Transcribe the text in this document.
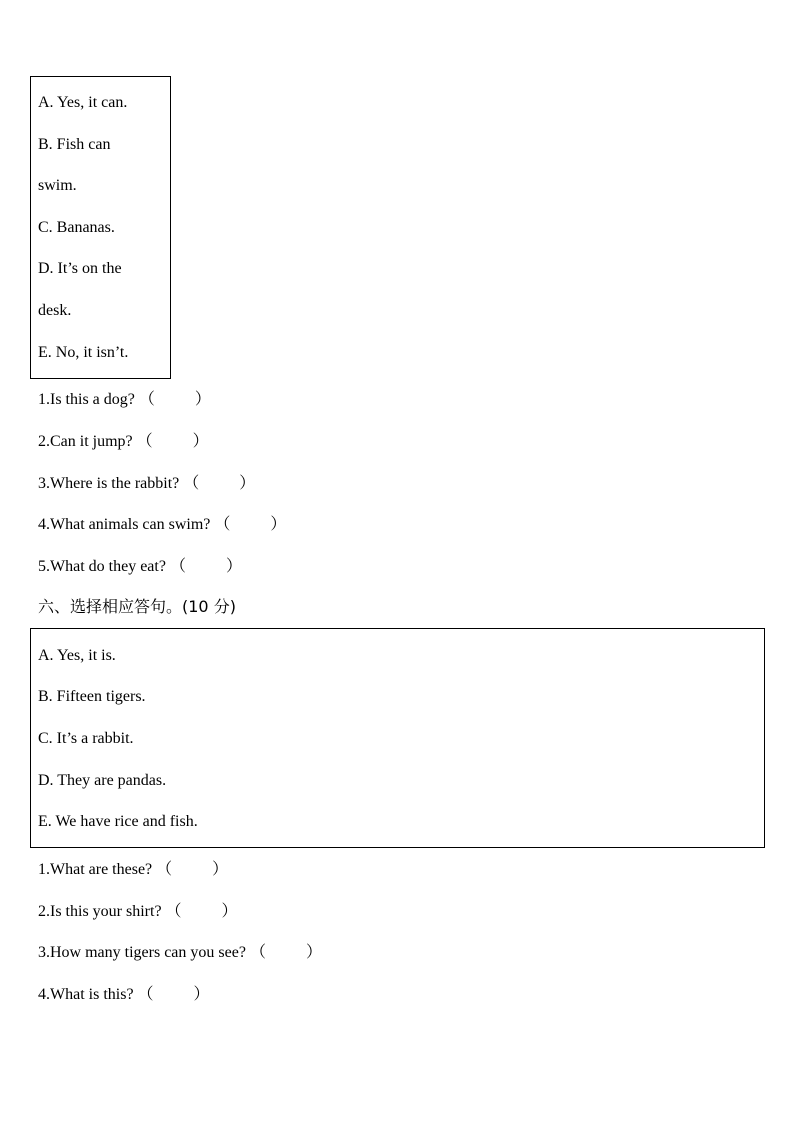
A. Yes, it can.
B. Fish can
swim.
C. Bananas.
D. It’s on the
desk.
E. No, it isn’t.
1.Is this a dog? （          ）
2.Can it jump? （          ）
3.Where is the rabbit? （          ）
4.What animals can swim? （          ）
5.What do they eat? （          ）
六、选择相应答句。(10 分)
A. Yes, it is.
B. Fifteen tigers.
C. It’s a rabbit.
D. They are pandas.
E. We have rice and fish.
1.What are these? （          ）
2.Is this your shirt? （          ）
3.How many tigers can you see? （          ）
4.What is this? （          ）
